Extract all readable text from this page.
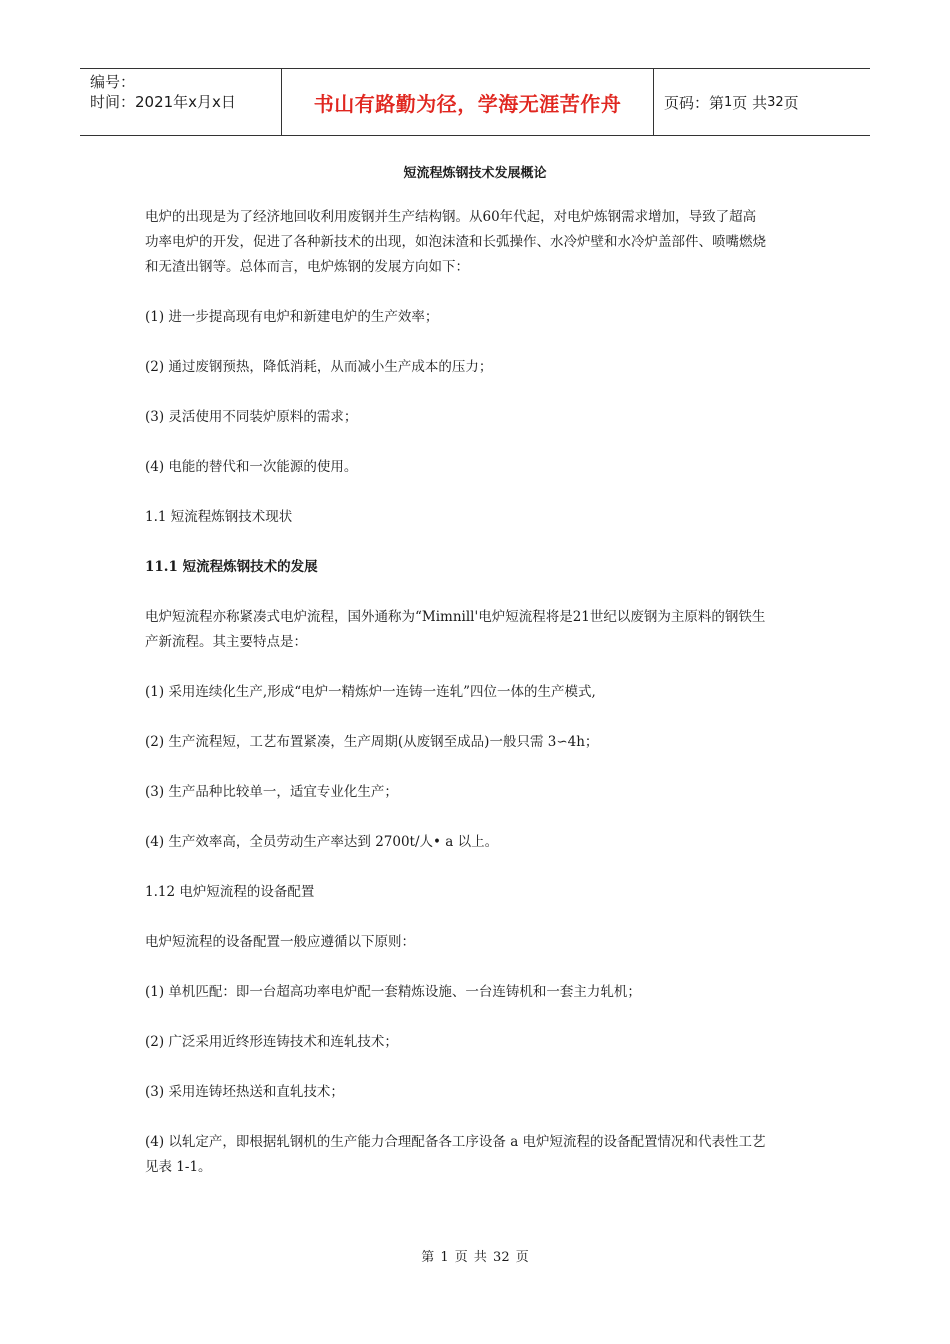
编号：
时间：2021年x月x日	书山有路勤为径，学海无涯苦作舟	页码：第 1 页 共 32 页
短流程炼钢技术发展概论
电炉的出现是为了经济地回收利用废钢并生产结构钢。从60年代起，对电炉炼钢需求增加，导致了超高
功率电炉的开发，促进了各种新技术的出现，如泡沫渣和长弧操作、水冷炉壁和水冷炉盖部件、喷嘴燃烧
和无渣出钢等。总体而言，电炉炼钢的发展方向如下：
(1) 进一步提高现有电炉和新建电炉的生产效率；
(2) 通过废钢预热，降低消耗，从而减小生产成本的压力；
(3) 灵活使用不同装炉原料的需求；
(4) 电能的替代和一次能源的使用。
1.1 短流程炼钢技术现状
11.1 短流程炼钢技术的发展
电炉短流程亦称紧凑式电炉流程，国外通称为“Mimnill'电炉短流程将是21世纪以废钢为主原料的钢铁生
产新流程。其主要特点是：
(1) 采用连续化生产,形成“电炉一精炼炉一连铸一连轧”四位一体的生产模式,
(2) 生产流程短，工艺布置紧凑，生产周期(从废钢至成品)一般只需 3∽4h；
(3) 生产品种比较单一，适宜专业化生产；
(4) 生产效率高，全员劳动生产率达到 2700t/人• a 以上。
1.12 电炉短流程的设备配置
电炉短流程的设备配置一般应遵循以下原则：
(1) 单机匹配：即一台超高功率电炉配一套精炼设施、一台连铸机和一套主力轧机；
(2) 广泛采用近终形连铸技术和连轧技术；
(3) 采用连铸坯热送和直轧技术；
(4) 以轧定产，即根据轧钢机的生产能力合理配备各工序设备 a 电炉短流程的设备配置情况和代表性工艺
见表 1-1。
第 1 页 共 32 页
